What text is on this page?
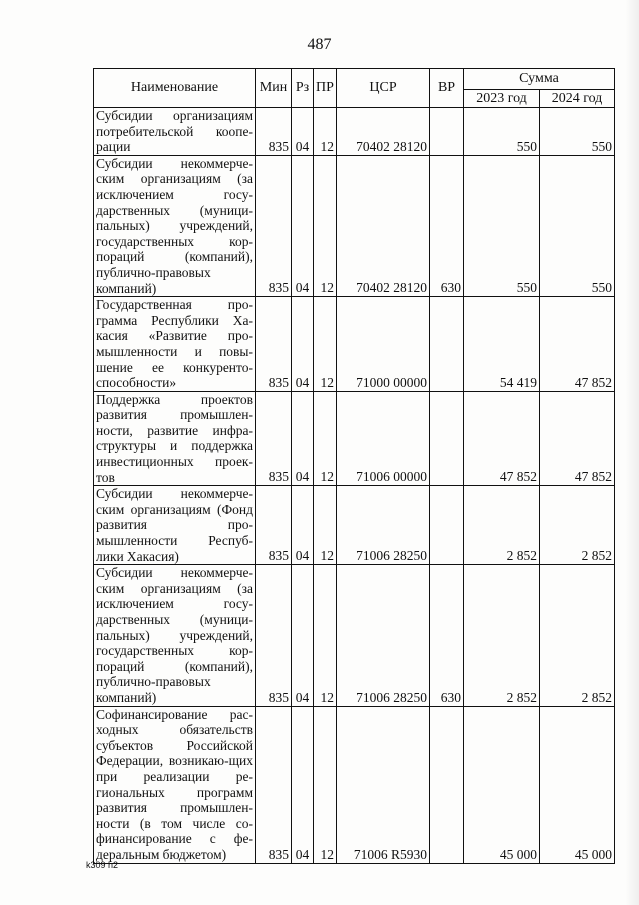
487
Наименование	Мин	Рз	ПР	ЦСР	ВР	Сумма	
						2023 год	2024 год
Субсидии организациям потребительской коопе-рации	835	04	12	70402 28120		550	550
Субсидии некоммерче-ским организациям (за исключением госу-дарственных (муници-пальных) учреждений, государственных кор-пораций (компаний), публично-правовых компаний)	835	04	12	70402 28120	630	550	550
Государственная про-грамма Республики Ха-касия «Развитие про-мышленности и повы-шение ее конкуренто-способности»	835	04	12	71000 00000		54 419	47 852
Поддержка проектов развития промышлен-ности, развитие инфра-структуры и поддержка инвестиционных проек-тов	835	04	12	71006 00000		47 852	47 852
Субсидии некоммерче-ским организациям (Фонд развития про-мышленности Респуб-лики Хакасия)	835	04	12	71006 28250		2 852	2 852
Субсидии некоммерче-ским организациям (за исключением госу-дарственных (муници-пальных) учреждений, государственных кор-пораций (компаний), публично-правовых компаний)	835	04	12	71006 28250	630	2 852	2 852
Софинансирование рас-ходных обязательств субъектов Российской Федерации, возникаю-щих при реализации ре-гиональных программ развития промышлен-ности (в том числе со-финансирование с фе-деральным бюджетом)	835	04	12	71006 R5930		45 000	45 000
k309 h2
